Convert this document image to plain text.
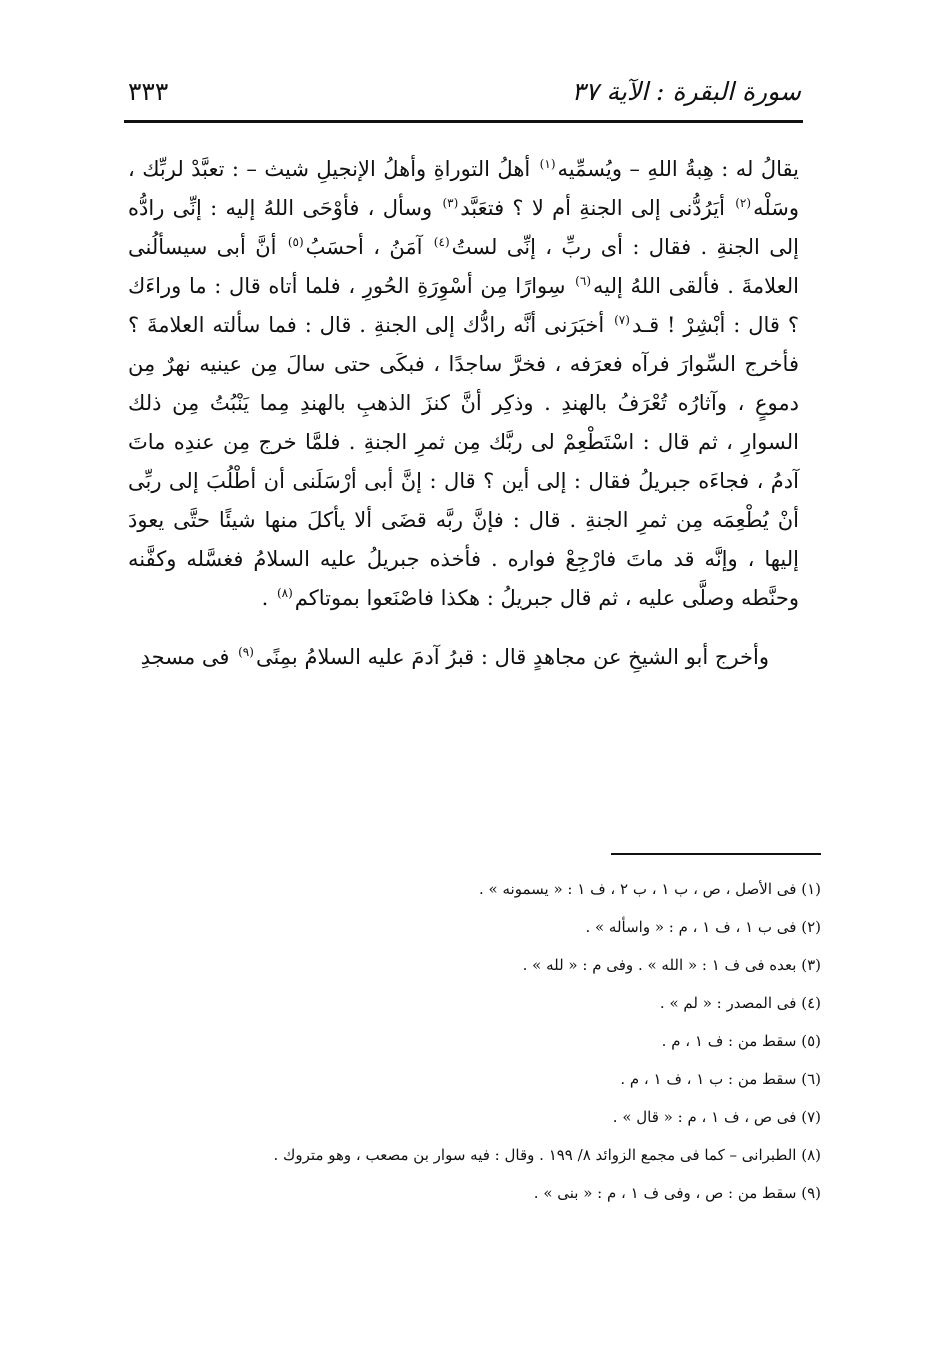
سورة البقرة : الآية ٣٧
٣٣٣

يقالُ له : هِبةُ اللهِ – ويُسمِّيه$^{(١)}$ أهلُ التوراةِ وأهلُ الإنجيلِ شيث – : تعبَّدْ لربِّك ، وسَلْه$^{(٢)}$ أيَرُدُّنى إلى الجنةِ أم لا ؟ فتعَبَّد$^{(٣)}$ وسأل ، فأوْحَى اللهُ إليه : إنِّى رادُّه إلى الجنةِ . فقال : أى ربِّ ، إنِّى لستُ$^{(٤)}$ آمَنُ ، أحسَبُ$^{(٥)}$ أنَّ أبى سيسألُنى العلامةَ . فألقى اللهُ إليه$^{(٦)}$ سِوارًا مِن أسْوِرَةِ الحُورِ ، فلما أتاه قال : ما وراءَك ؟ قال : أبْشِرْ ! قـد$^{(٧)}$ أخبَرَنى أنَّه رادُّك إلى الجنةِ . قال : فما سألته العلامةَ ؟ فأخرج السِّوارَ فرآه فعرَفه ، فخرَّ ساجدًا ، فبكَى حتى سالَ مِن عينيه نهرٌ مِن دموعٍ ، وآثارُه تُعْرَفُ بالهندِ . وذكِر أنَّ كنزَ الذهبِ بالهندِ مِما يَنْبُتُ مِن ذلك السوارِ ، ثم قال : اسْتَطْعِمْ لى ربَّك مِن ثمرِ الجنةِ . فلمَّا خرج مِن عندِه ماتَ آدمُ ، فجاءَه جبريلُ فقال : إلى أين ؟ قال : إنَّ أبى أرْسَلَنى أن أطْلُبَ إلى ربِّى أنْ يُطْعِمَه مِن ثمرِ الجنةِ . قال : فإنَّ ربَّه قضَى ألا يأكلَ منها شيئًا حتَّى يعودَ إليها ، وإنَّه قد ماتَ فارْجِعْ فواره . فأخذه جبريلُ عليه السلامُ فغسَّله وكفَّنه وحنَّطه وصلَّى عليه ، ثم قال جبريلُ : هكذا فاصْنَعوا بموتاكم$^{(٨)}$ .

وأخرج أبو الشيخِ عن مجاهدٍ قال : قبرُ آدمَ عليه السلامُ بمِنًى$^{(٩)}$ فى مسجدِ

(١) فى الأصل ، ص ، ب ١ ، ب ٢ ، ف ١ : « يسمونه » .
(٢) فى ب ١ ، ف ١ ، م : « واسأله » .
(٣) بعده فى ف ١ : « الله » . وفى م : « لله » .
(٤) فى المصدر : « لم » .
(٥) سقط من : ف ١ ، م .
(٦) سقط من : ب ١ ، ف ١ ، م .
(٧) فى ص ، ف ١ ، م : « قال » .
(٨) الطبرانى – كما فى مجمع الزوائد ٨/ ١٩٩ . وقال : فيه سوار بن مصعب ، وهو متروك .
(٩) سقط من : ص ، وفى ف ١ ، م : « بنى » .
